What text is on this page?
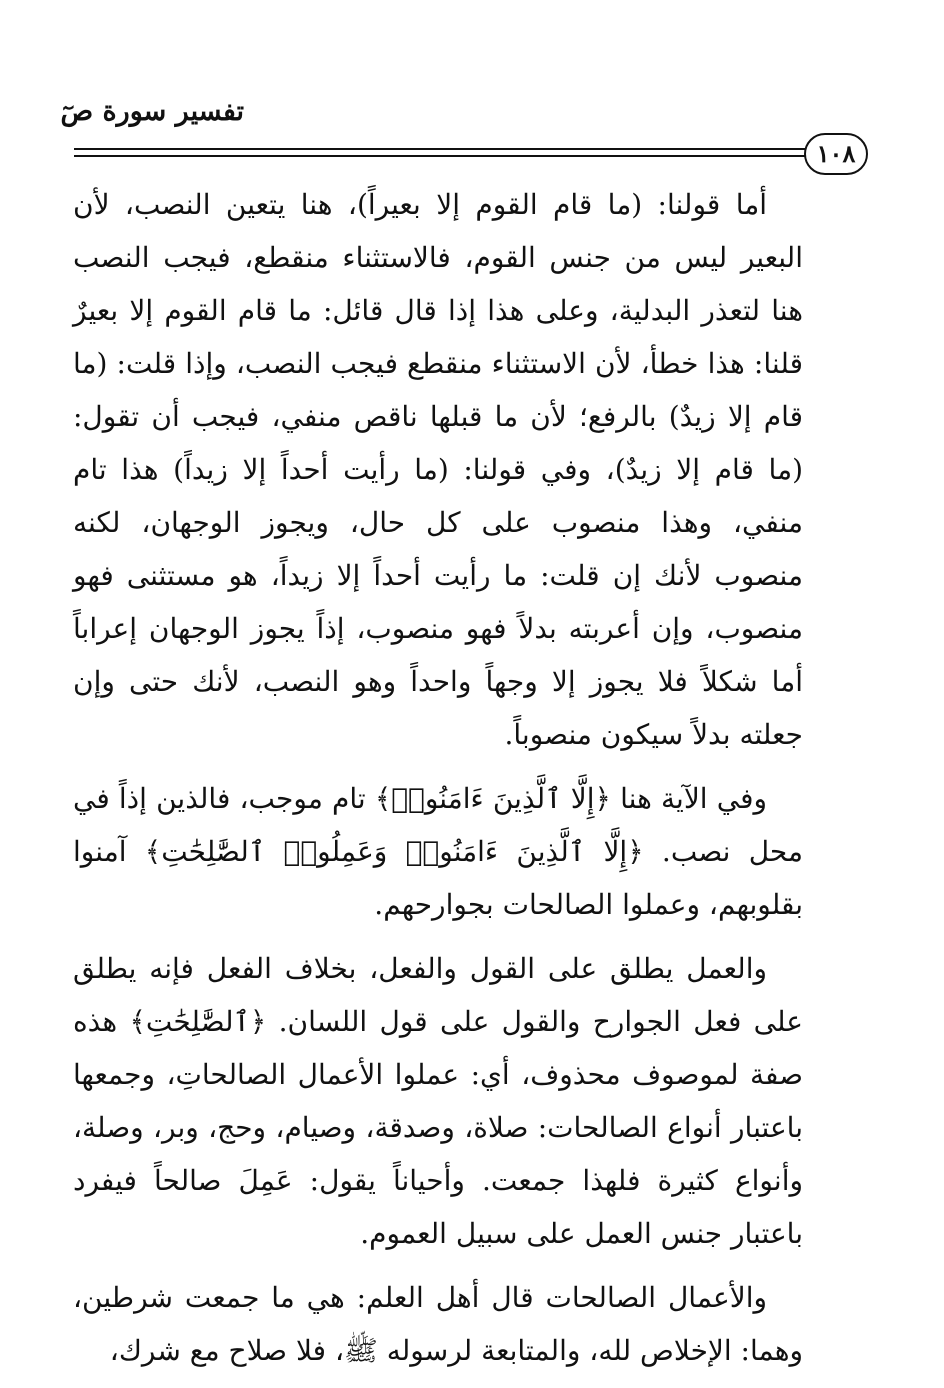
تفسير سورة صٓ
١٠٨

أما قولنا: (ما قام القوم إلا بعيراً)، هنا يتعين النصب، لأن البعير ليس من جنس القوم، فالاستثناء منقطع، فيجب النصب هنا لتعذر البدلية، وعلى هذا إذا قال قائل: ما قام القوم إلا بعيرٌ قلنا: هذا خطأ، لأن الاستثناء منقطع فيجب النصب، وإذا قلت: (ما قام إلا زيدٌ) بالرفع؛ لأن ما قبلها ناقص منفي، فيجب أن تقول: (ما قام إلا زيدٌ)، وفي قولنا: (ما رأيت أحداً إلا زيداً) هذا تام منفي، وهذا منصوب على كل حال، ويجوز الوجهان، لكنه منصوب لأنك إن قلت: ما رأيت أحداً إلا زيداً، هو مستثنى فهو منصوب، وإن أعربته بدلاً فهو منصوب، إذاً يجوز الوجهان إعراباً أما شكلاً فلا يجوز إلا وجهاً واحداً وهو النصب، لأنك حتى وإن جعلته بدلاً سيكون منصوباً.

وفي الآية هنا ﴿إِلَّا ٱلَّذِينَ ءَامَنُوا۟﴾ تام موجب، فالذين إذاً في محل نصب. ﴿إِلَّا ٱلَّذِينَ ءَامَنُوا۟ وَعَمِلُوا۟ ٱلصَّٰلِحَٰتِ﴾ آمنوا بقلوبهم، وعملوا الصالحات بجوارحهم.

والعمل يطلق على القول والفعل، بخلاف الفعل فإنه يطلق على فعل الجوارح والقول على قول اللسان. ﴿ٱلصَّٰلِحَٰتِ﴾ هذه صفة لموصوف محذوف، أي: عملوا الأعمال الصالحاتِ، وجمعها باعتبار أنواع الصالحات: صلاة، وصدقة، وصيام، وحج، وبر، وصلة، وأنواع كثيرة فلهذا جمعت. وأحياناً يقول: عَمِلَ صالحاً فيفرد باعتبار جنس العمل على سبيل العموم.

والأعمال الصالحات قال أهل العلم: هي ما جمعت شرطين، وهما: الإخلاص لله، والمتابعة لرسوله ﷺ، فلا صلاح مع شرك،
